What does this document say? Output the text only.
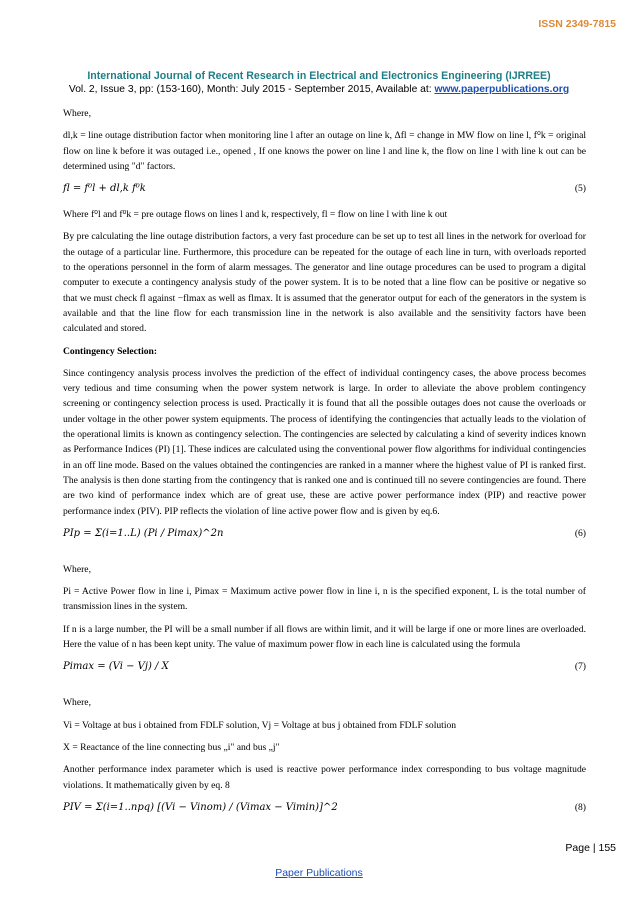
ISSN 2349-7815
International Journal of Recent Research in Electrical and Electronics Engineering (IJRREE)
Vol. 2, Issue 3, pp: (153-160), Month: July 2015 - September 2015, Available at: www.paperpublications.org

Where,

dl,k = line outage distribution factor when monitoring line l after an outage on line k, Δfl = change in MW flow on line l, f⁰k = original flow on line k before it was outaged i.e., opened , If one knows the power on line l and line k, the flow on line l with line k out can be determined using "d" factors.

fl = f⁰l + dl,k f⁰k	(5)

Where f⁰l and f⁰k = pre outage flows on lines l and k, respectively, fl = flow on line l with line k out

By pre calculating the line outage distribution factors, a very fast procedure can be set up to test all lines in the network for overload for the outage of a particular line. Furthermore, this procedure can be repeated for the outage of each line in turn, with overloads reported to the operations personnel in the form of alarm messages. The generator and line outage procedures can be used to program a digital computer to execute a contingency analysis study of the power system. It is to be noted that a line flow can be positive or negative so that we must check fl against −flmax as well as flmax. It is assumed that the generator output for each of the generators in the system is available and that the line flow for each transmission line in the network is also available and the sensitivity factors have been calculated and stored.

Contingency Selection:

Since contingency analysis process involves the prediction of the effect of individual contingency cases, the above process becomes very tedious and time consuming when the power system network is large. In order to alleviate the above problem contingency screening or contingency selection process is used. Practically it is found that all the possible outages does not cause the overloads or under voltage in the other power system equipments. The process of identifying the contingencies that actually leads to the violation of the operational limits is known as contingency selection. The contingencies are selected by calculating a kind of severity indices known as Performance Indices (PI) [1]. These indices are calculated using the conventional power flow algorithms for individual contingencies in an off line mode. Based on the values obtained the contingencies are ranked in a manner where the highest value of PI is ranked first. The analysis is then done starting from the contingency that is ranked one and is continued till no severe contingencies are found. There are two kind of performance index which are of great use, these are active power performance index (PIP) and reactive power performance index (PIV). PIP reflects the violation of line active power flow and is given by eq.6.

PIp = Σ(i=1..L) (Pi / Pimax)^2n	(6)

Where,

Pi = Active Power flow in line i, Pimax = Maximum active power flow in line i, n is the specified exponent, L is the total number of transmission lines in the system.

If n is a large number, the PI will be a small number if all flows are within limit, and it will be large if one or more lines are overloaded. Here the value of n has been kept unity. The value of maximum power flow in each line is calculated using the formula

Pimax = (Vi − Vj) / X	(7)

Where,

Vi = Voltage at bus i obtained from FDLF solution, Vj = Voltage at bus j obtained from FDLF solution

X = Reactance of the line connecting bus „i" and bus „j"

Another performance index parameter which is used is reactive power performance index corresponding to bus voltage magnitude violations. It mathematically given by eq. 8

PIV = Σ(i=1..npq) [(Vi − Vinom) / (Vimax − Vimin)]^2	(8)
Page | 155
Paper Publications
